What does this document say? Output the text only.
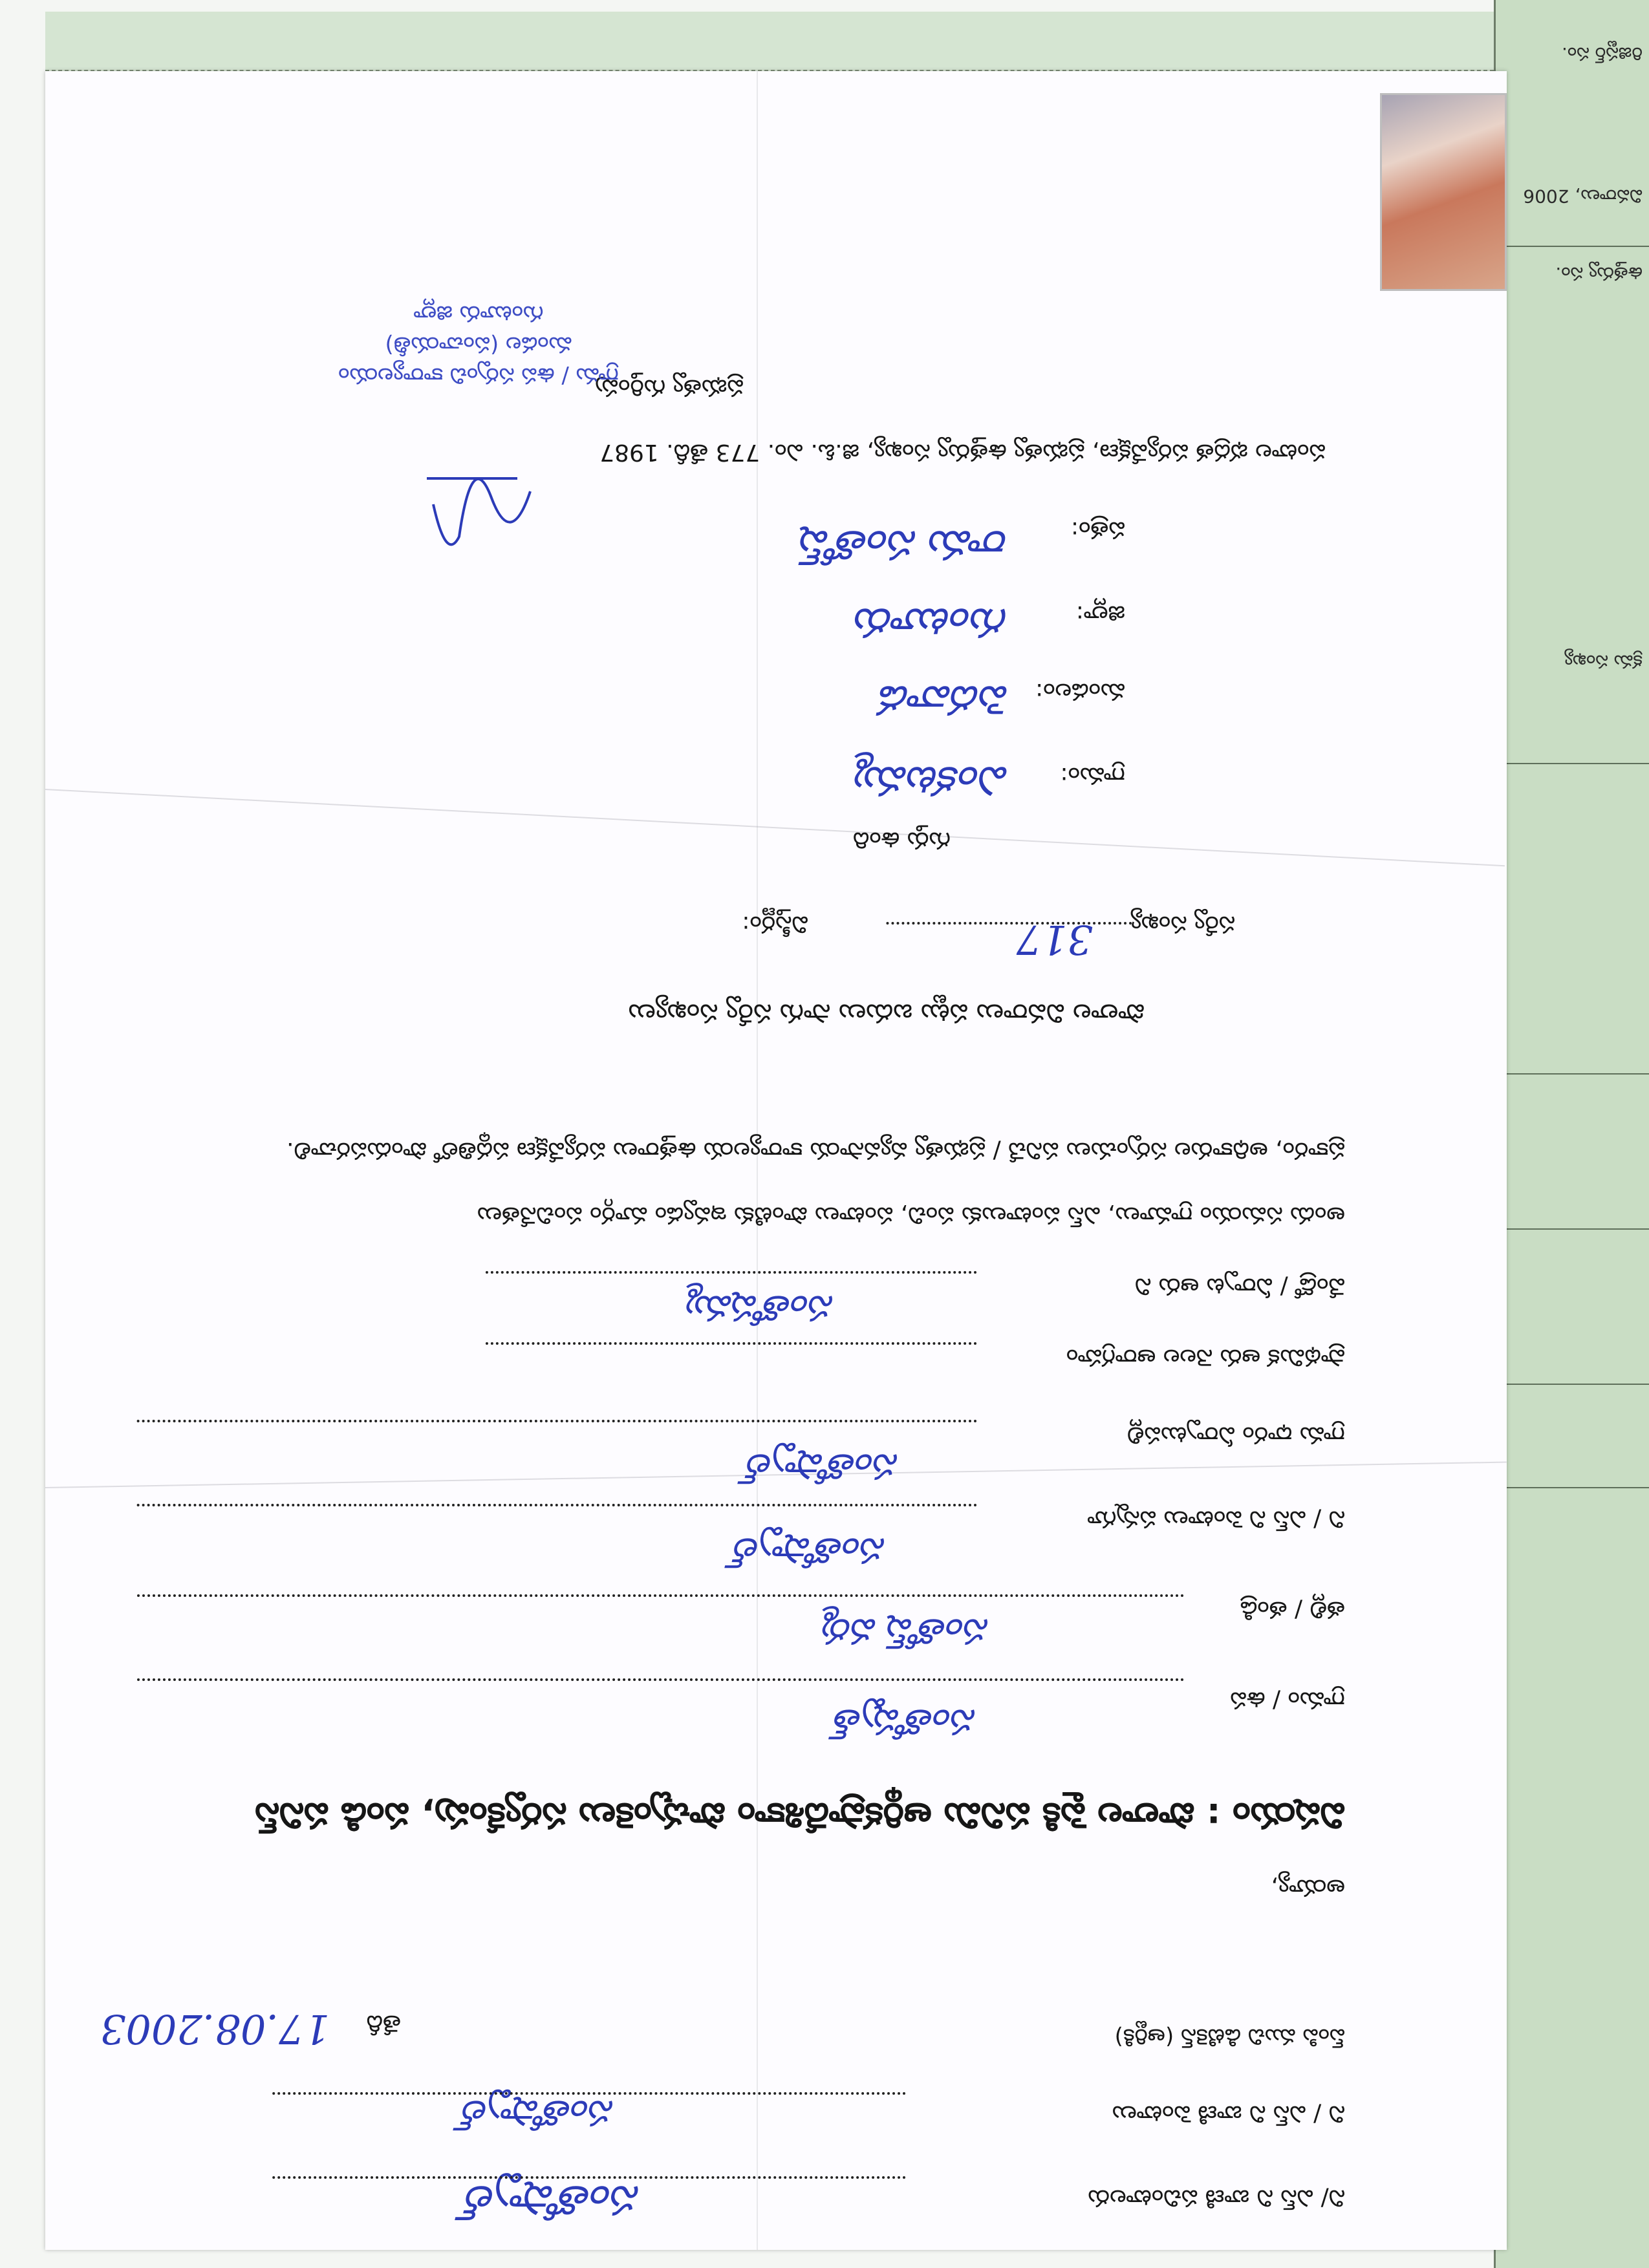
రిజిస్టర్ సం.
వివరాలు, 2006
ఉత్తర్వు సం.
క్రమ సంఖ్య
ని/ ఎస్ ని బాణి పచింటాలరు
సంతోష్పాల్
ని / ఎస్ ని బాణి పెంటాలు
సంతోష్పాల్
ప్ంపి ముచి డిటికెన్ (ఆర్టికి)
తేదీ
17.08.2003
అయ్యా,
విషయం : పొలాల పైకి పనిమి ఆర్థికప్రాదేశికాం పొచ్చంకెలు సర్వకేంపు, పండి పనిస్
గ్రామం / ఉప
సంతోష్పత్
తల్లి / తండ్రి
సంతోష్ వర్మ
ని / ఎస్ ని పెంటాలు పన్నగూ
సంతోష్పాల్
గ్రామ ధారం ఏర్పాటుపల్లి
సంతోష్పాల్
ప్రాథమిక ఆరు నెలల ఆరాగ్రహం
వేండ్రో / ఏర్పాట ఆరు ని
సంతోషమ్మ
అందు సమయం గ్రామాలు, ఎస్ పంటాలుకు పంచి, పంటాలు పొంటికు ఇవ్వడం మార్గం పంచినేతలు
ప్రకారం, అధికారుల సర్పంచులు పనిచే / ప్రభుత్వ వ్యవసాయ కార్యాలయ ఉత్తరాలు పర్యవేక్షణ పద్ధతిలో పొందుపరచాలి.
పొలాల వివరాలు పట్టు బదులు సాగు సర్వే సంఖ్యలు
సర్వే సంఖ్య
317
విస్తీర్ణం:
గుర్తు ఉంది
గ్రామం:
ఎంకటమ్మ
మండలం:
పెదవాడ
జిల్లా:
గుంటూరు
పత్రం:
రామ సంతోష్
పంటాల భద్రత పర్యవేక్షణ, ప్రభుత్వ ఉత్తర్వు సంఖ్య, జి.ఓ. ఎం. 773 తేదీ. 1987
ప్రభుత్వ గుర్తింపు
గ్రామ / ఉప సర్పంచి కార్యాలయం
మండల (పంచాయతీ)
గుంటూరు జిల్లా
